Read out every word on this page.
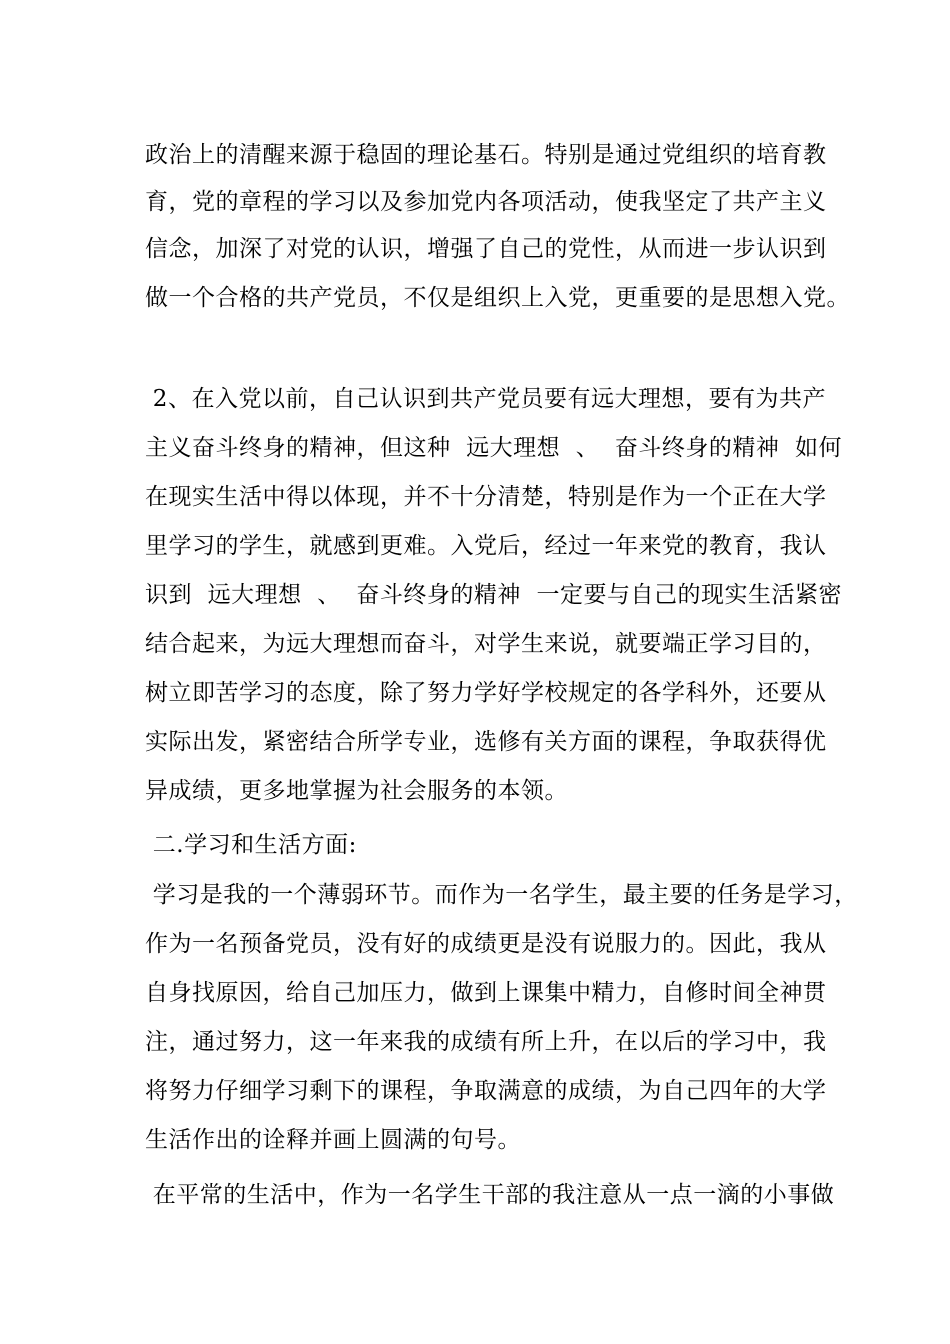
政治上的清醒来源于稳固的理论基石。特别是通过党组织的培育教
育，党的章程的学习以及参加党内各项活动，使我坚定了共产主义
信念，加深了对党的认识，增强了自己的党性，从而进一步认识到
做一个合格的共产党员，不仅是组织上入党，更重要的是思想入党。
2、在入党以前，自己认识到共产党员要有远大理想，要有为共产
主义奋斗终身的精神，但这种  远大理想  、  奋斗终身的精神  如何
在现实生活中得以体现，并不十分清楚，特别是作为一个正在大学
里学习的学生，就感到更难。入党后，经过一年来党的教育，我认
识到  远大理想  、  奋斗终身的精神  一定要与自己的现实生活紧密
结合起来，为远大理想而奋斗，对学生来说，就要端正学习目的，
树立即苦学习的态度，除了努力学好学校规定的各学科外，还要从
实际出发，紧密结合所学专业，选修有关方面的课程，争取获得优
异成绩，更多地掌握为社会服务的本领。
二.学习和生活方面:
学习是我的一个薄弱环节。而作为一名学生，最主要的任务是学习，
作为一名预备党员，没有好的成绩更是没有说服力的。因此，我从
自身找原因，给自己加压力，做到上课集中精力，自修时间全神贯
注，通过努力，这一年来我的成绩有所上升，在以后的学习中，我
将努力仔细学习剩下的课程，争取满意的成绩，为自己四年的大学
生活作出的诠释并画上圆满的句号。
在平常的生活中，作为一名学生干部的我注意从一点一滴的小事做
